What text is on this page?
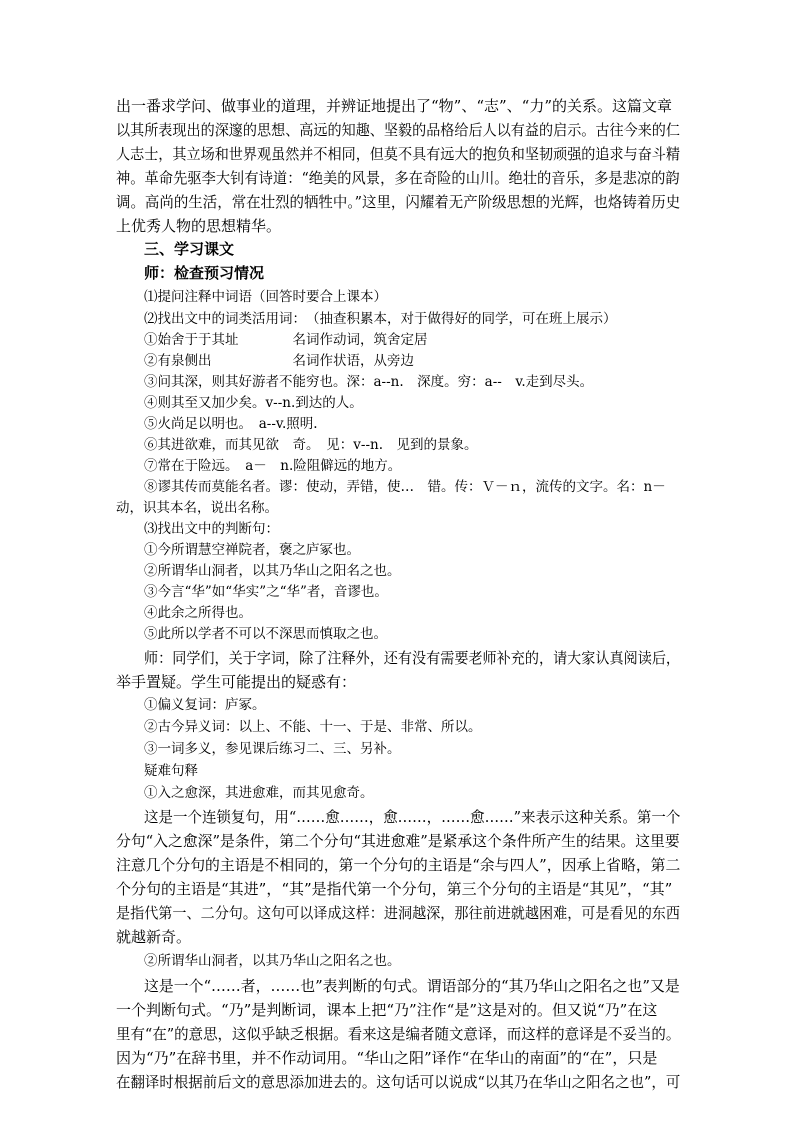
出一番求学问、做事业的道理，并辨证地提出了“物”、“志”、“力”的关系。这篇文章
以其所表现出的深邃的思想、高远的知趣、坚毅的品格给后人以有益的启示。古往今来的仁
人志士，其立场和世界观虽然并不相同，但莫不具有远大的抱负和坚韧顽强的追求与奋斗精
神。革命先驱李大钊有诗道：“绝美的风景，多在奇险的山川。绝壮的音乐，多是悲凉的韵
调。高尚的生活，常在壮烈的牺牲中。”这里，闪耀着无产阶级思想的光辉，也烙铸着历史
上优秀人物的思想精华。
三、学习课文
师：检查预习情况
⑴提问注释中词语（回答时要合上课本）
⑵找出文中的词类活用词：　（抽查积累本，对于做得好的同学，可在班上展示）
①始舍于于其址　　　　名词作动词，筑舍定居
②有泉侧出　　　　　　名词作状语，从旁边
③问其深，则其好游者不能穷也。深：a--n.　深度。穷：a--　v.走到尽头。
④则其至又加少矣。v--n.到达的人。
⑤火尚足以明也。　a--v.照明.
⑥其进欲难，而其见欲　奇。　见：v--n.　见到的景象。
⑦常在于险远。　a－　n.险阻僻远的地方。
⑧谬其传而莫能名者。谬：使动，弄错，使…　错。传：Ｖ－ｎ，流传的文字。名：n－
动，识其本名，说出名称。
⑶找出文中的判断句：
①今所谓慧空禅院者，褒之庐冢也。
②所谓华山洞者，以其乃华山之阳名之也。
③今言“华”如“华实”之“华”者，音谬也。
④此余之所得也。
⑤此所以学者不可以不深思而慎取之也。
师：同学们，关于字词，除了注释外，还有没有需要老师补充的，请大家认真阅读后，
举手置疑。学生可能提出的疑惑有：
①偏义复词：庐冢。
②古今异义词：以上、不能、十一、于是、非常、所以。
③一词多义，参见课后练习二、三、另补。
疑难句释
①入之愈深，其进愈难，而其见愈奇。
这是一个连锁复句，用“……愈……，愈……，……愈……”来表示这种关系。第一个
分句“入之愈深”是条件，第二个分句“其进愈难”是紧承这个条件所产生的结果。这里要
注意几个分句的主语是不相同的，第一个分句的主语是“余与四人”，因承上省略，第二
个分句的主语是“其进”，“其”是指代第一个分句，第三个分句的主语是“其见”，“其”
是指代第一、二分句。这句可以译成这样：进洞越深，那往前进就越困难，可是看见的东西
就越新奇。
②所谓华山洞者，以其乃华山之阳名之也。
这是一个“……者，……也”表判断的句式。谓语部分的“其乃华山之阳名之也”又是
一个判断句式。“乃”是判断词，课本上把“乃”注作“是”这是对的。但又说“乃”在这
里有“在”的意思，这似乎缺乏根据。看来这是编者随文意译，而这样的意译是不妥当的。
因为“乃”在辞书里，并不作动词用。“华山之阳”译作“在华山的南面”的“在”，只是
在翻译时根据前后文的意思添加进去的。这句话可以说成“以其乃在华山之阳名之也”，可
